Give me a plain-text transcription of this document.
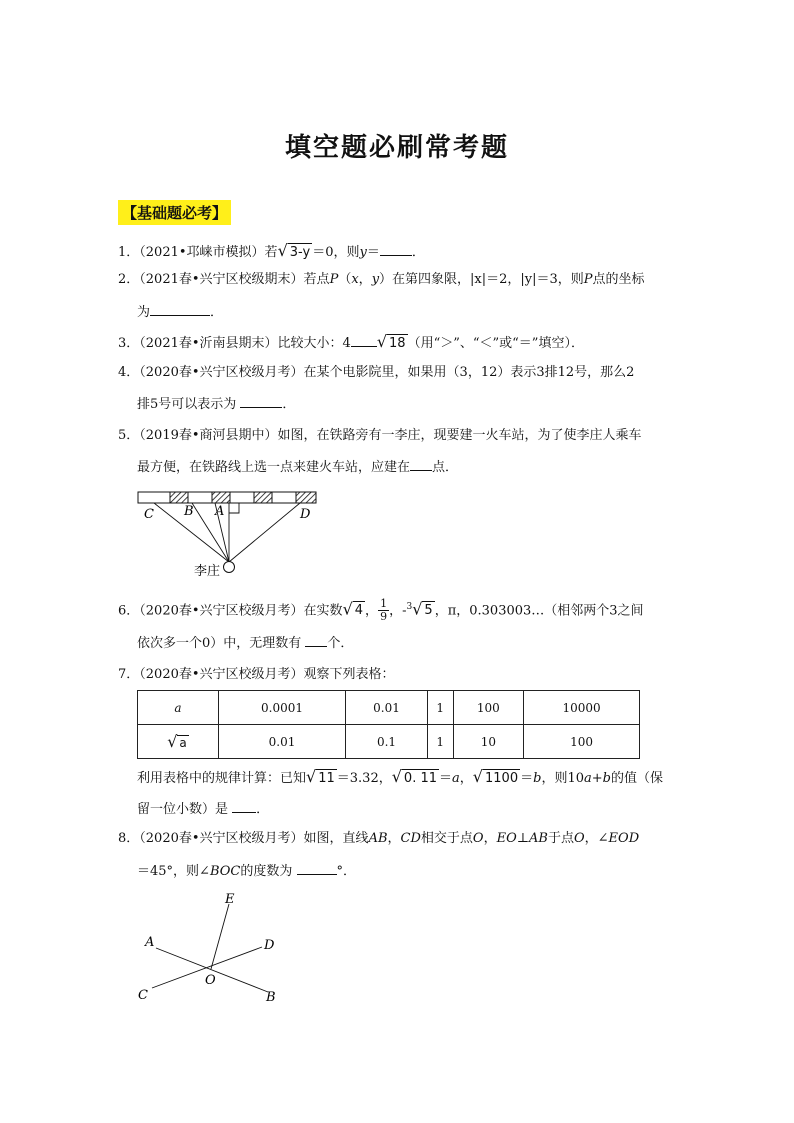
填空题必刷常考题
【基础题必考】
1．（2021•邛崃市模拟）若√ 3-y ＝0，则y＝ ．
2．（2021春•兴宁区校级期末）若点P（x，y）在第四象限，|x|＝2，|y|＝3，则P点的坐标
为	．
3．（2021春•沂南县期末）比较大小：4 √ 18 （用“＞”、“＜”或“＝”填空）．
4．（2020春•兴宁区校级月考）在某个电影院里，如果用（3，12）表示3排12号，那么2
排5号可以表示为	．
5．（2019春•商河县期中）如图，在铁路旁有一李庄，现要建一火车站，为了使李庄人乘车
最方便，在铁路线上选一点来建火车站，应建在 点．
C B A	D
李庄
6．（2020春•兴宁区校级月考）在实数√ 4 ， $\frac{1}{9}$ ，-$^3$√ 5 ，π，0.303003…（相邻两个3之间
依次多一个0）中，无理数有 个．
7．（2020春•兴宁区校级月考）观察下列表格：
a	0.0001	0.01	1	100	10000
√ a	0.01	0.1	1	10	100
利用表格中的规律计算：已知√ 11 ＝3.32，√ 0. 11 ＝a，√ 1100 ＝b，则10a+b的值（保
留一位小数）是 ．
8．（2020春•兴宁区校级月考）如图，直线AB，CD相交于点O，EO⊥AB于点O，∠EOD
＝45°，则∠BOC的度数为	°．
E
A	D
O
C	B
